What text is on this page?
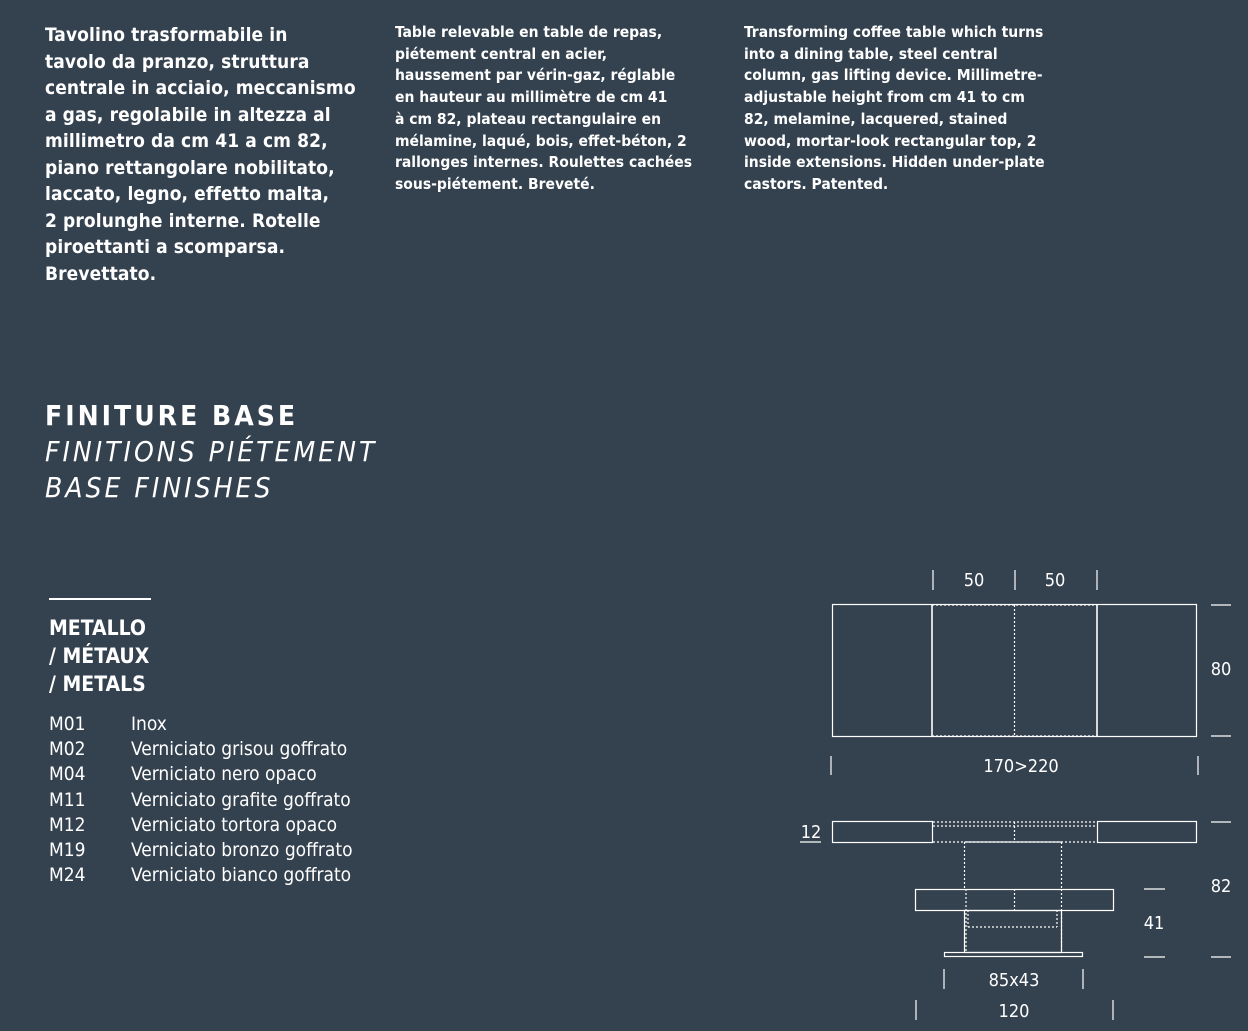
Tavolino trasformabile in
tavolo da pranzo, struttura
centrale in acciaio, meccanismo
a gas, regolabile in altezza al
millimetro da cm 41 a cm 82,
piano rettangolare nobilitato,
laccato, legno, effetto malta,
2 prolunghe interne. Rotelle
piroettanti a scomparsa.
Brevettato.

Table relevable en table de repas,
piétement central en acier,
haussement par vérin-gaz, réglable
en hauteur au millimètre de cm 41
à cm 82, plateau rectangulaire en
mélamine, laqué, bois, effet-béton, 2
rallonges internes. Roulettes cachées
sous-piétement. Breveté.

Transforming coffee table which turns
into a dining table, steel central
column, gas lifting device. Millimetre-
adjustable height from cm 41 to cm
82, melamine, lacquered, stained
wood, mortar-look rectangular top, 2
inside extensions. Hidden under-plate
castors. Patented.

FINITURE BASE
FINITIONS PIÉTEMENT
BASE FINISHES
METALLO
/ MÉTAUX
/ METALS
M01	Inox
M02	Verniciato grisou goffrato
M04	Verniciato nero opaco
M11	Verniciato grafite goffrato
M12	Verniciato tortora opaco
M19	Verniciato bronzo goffrato
M24	Verniciato bianco goffrato
50	50
80
170>220
12
82
41
85x43
120
